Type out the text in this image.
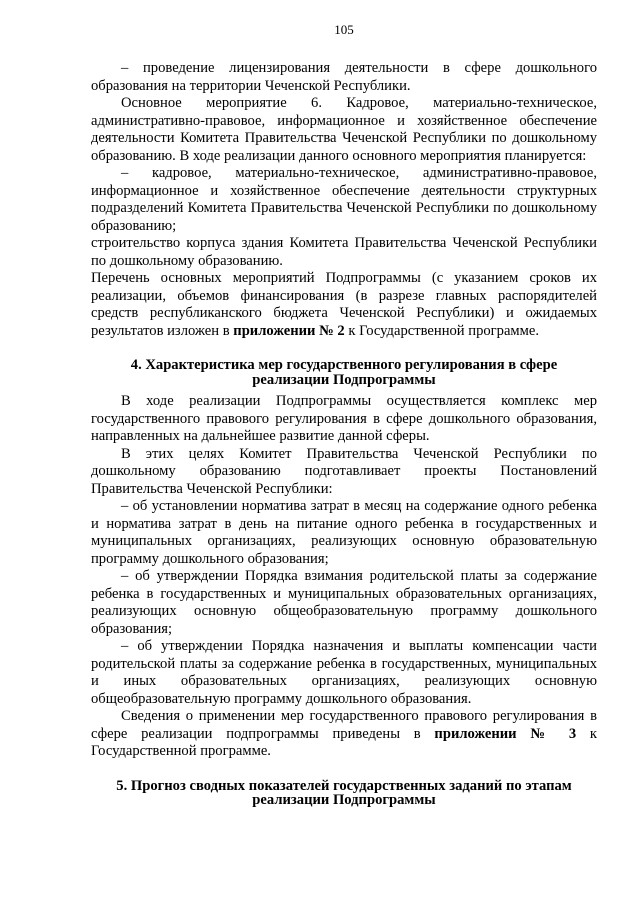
105

– проведение лицензирования деятельности в сфере дошкольного образования на территории Чеченской Республики.

Основное мероприятие 6. Кадровое, материально-техническое, административно-правовое, информационное и хозяйственное обеспечение деятельности Комитета Правительства Чеченской Республики по дошкольному образованию. В ходе реализации данного основного мероприятия планируется:

– кадровое, материально-техническое, административно-правовое, информационное и хозяйственное обеспечение деятельности структурных подразделений Комитета Правительства Чеченской Республики по дошкольному образованию;

строительство корпуса здания Комитета Правительства Чеченской Республики по дошкольному образованию.

Перечень основных мероприятий Подпрограммы (с указанием сроков их реализации, объемов финансирования (в разрезе главных распорядителей средств республиканского бюджета Чеченской Республики) и ожидаемых результатов изложен в приложении № 2 к Государственной программе.

4. Характеристика мер государственного регулирования в сфере
реализации Подпрограммы

В ходе реализации Подпрограммы осуществляется комплекс мер государственного правового регулирования в сфере дошкольного образования, направленных на дальнейшее развитие данной сферы.

В этих целях Комитет Правительства Чеченской Республики по дошкольному образованию подготавливает проекты Постановлений Правительства Чеченской Республики:

– об установлении норматива затрат в месяц на содержание одного ребенка и норматива затрат в день на питание одного ребенка в государственных и муниципальных организациях, реализующих основную образовательную программу дошкольного образования;

– об утверждении Порядка взимания родительской платы за содержание ребенка в государственных и муниципальных образовательных организациях, реализующих основную общеобразовательную программу дошкольного образования;

– об утверждении Порядка назначения и выплаты компенсации части родительской платы за содержание ребенка в государственных, муниципальных и иных образовательных организациях, реализующих основную общеобразовательную программу дошкольного образования.

Сведения о применении мер государственного правового регулирования в сфере реализации подпрограммы приведены в приложении № 3 к Государственной программе.

5. Прогноз сводных показателей государственных заданий по этапам
реализации Подпрограммы
